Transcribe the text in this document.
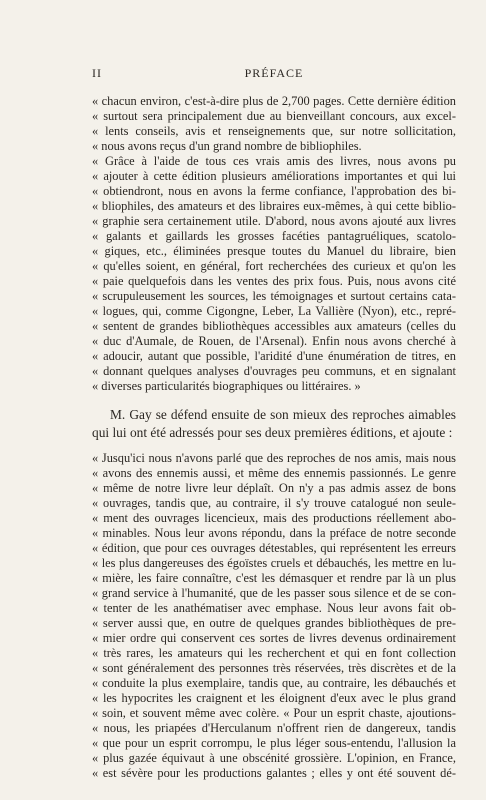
II	PRÉFACE
« chacun environ, c'est-à-dire plus de 2,700 pages. Cette dernière édition
« surtout sera principalement due au bienveillant concours, aux excel-
« lents conseils, avis et renseignements que, sur notre sollicitation,
« nous avons reçus d'un grand nombre de bibliophiles.
« Grâce à l'aide de tous ces vrais amis des livres, nous avons pu
« ajouter à cette édition plusieurs améliorations importantes et qui lui
« obtiendront, nous en avons la ferme confiance, l'approbation des bi-
« bliophiles, des amateurs et des libraires eux-mêmes, à qui cette biblio-
« graphie sera certainement utile. D'abord, nous avons ajouté aux livres
« galants et gaillards les grosses facéties pantagruéliques, scatolo-
« giques, etc., éliminées presque toutes du Manuel du libraire, bien
« qu'elles soient, en général, fort recherchées des curieux et qu'on les
« paie quelquefois dans les ventes des prix fous. Puis, nous avons cité
« scrupuleusement les sources, les témoignages et surtout certains cata-
« logues, qui, comme Cigongne, Leber, La Vallière (Nyon), etc., repré-
« sentent de grandes bibliothèques accessibles aux amateurs (celles du
« duc d'Aumale, de Rouen, de l'Arsenal). Enfin nous avons cherché à
« adoucir, autant que possible, l'aridité d'une énumération de titres, en
« donnant quelques analyses d'ouvrages peu communs, et en signalant
« diverses particularités biographiques ou littéraires. »
M. Gay se défend ensuite de son mieux des reproches aimables
qui lui ont été adressés pour ses deux premières éditions, et ajoute :
« Jusqu'ici nous n'avons parlé que des reproches de nos amis, mais nous
« avons des ennemis aussi, et même des ennemis passionnés. Le genre
« même de notre livre leur déplaît. On n'y a pas admis assez de bons
« ouvrages, tandis que, au contraire, il s'y trouve catalogué non seule-
« ment des ouvrages licencieux, mais des productions réellement abo-
« minables. Nous leur avons répondu, dans la préface de notre seconde
« édition, que pour ces ouvrages détestables, qui représentent les erreurs
« les plus dangereuses des égoïstes cruels et débauchés, les mettre en lu-
« mière, les faire connaître, c'est les démasquer et rendre par là un plus
« grand service à l'humanité, que de les passer sous silence et de se con-
« tenter de les anathématiser avec emphase. Nous leur avons fait ob-
« server aussi que, en outre de quelques grandes bibliothèques de pre-
« mier ordre qui conservent ces sortes de livres devenus ordinairement
« très rares, les amateurs qui les recherchent et qui en font collection
« sont généralement des personnes très réservées, très discrètes et de la
« conduite la plus exemplaire, tandis que, au contraire, les débauchés et
« les hypocrites les craignent et les éloignent d'eux avec le plus grand
« soin, et souvent même avec colère. « Pour un esprit chaste, ajoutions-
« nous, les priapées d'Herculanum n'offrent rien de dangereux, tandis
« que pour un esprit corrompu, le plus léger sous-entendu, l'allusion la
« plus gazée équivaut à une obscénité grossière. L'opinion, en France,
« est sévère pour les productions galantes ; elles y ont été souvent dé-
